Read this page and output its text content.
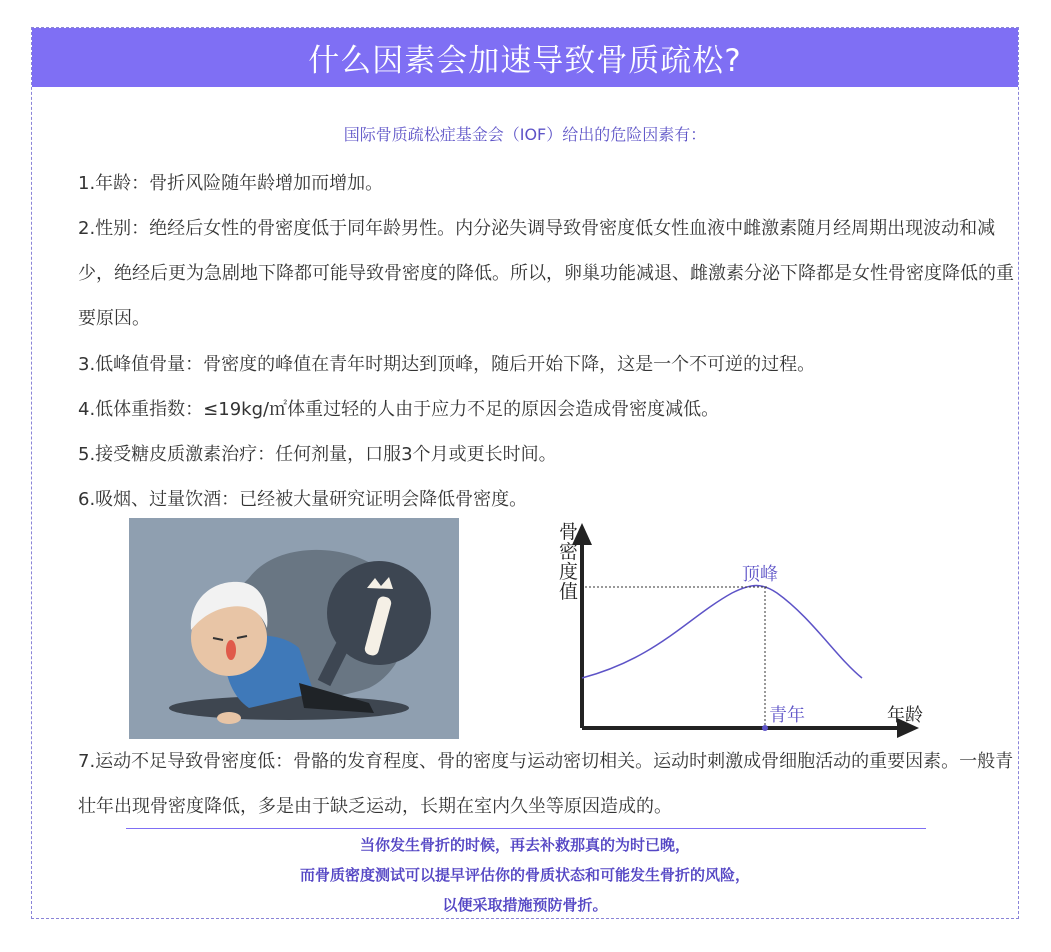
什么因素会加速导致骨质疏松?
国际骨质疏松症基金会（IOF）给出的危险因素有：
1.年龄：骨折风险随年龄增加而增加。
2.性别：绝经后女性的骨密度低于同年龄男性。内分泌失调导致骨密度低女性血液中雌激素随月经周期出现波动和减少，绝经后更为急剧地下降都可能导致骨密度的降低。所以，卵巢功能减退、雌激素分泌下降都是女性骨密度降低的重要原因。
3.低峰值骨量：骨密度的峰值在青年时期达到顶峰，随后开始下降，这是一个不可逆的过程。
4.低体重指数：≤19kg/㎡体重过轻的人由于应力不足的原因会造成骨密度减低。
5.接受糖皮质激素治疗：任何剂量，口服3个月或更长时间。
6.吸烟、过量饮酒：已经被大量研究证明会降低骨密度。
骨
密
度
值
顶峰
青年	年龄
7.运动不足导致骨密度低：骨骼的发育程度、骨的密度与运动密切相关。运动时刺激成骨细胞活动的重要因素。一般青壮年出现骨密度降低，多是由于缺乏运动，长期在室内久坐等原因造成的。
当你发生骨折的时候，再去补救那真的为时已晚，
而骨质密度测试可以提早评估你的骨质状态和可能发生骨折的风险，
以便采取措施预防骨折。
